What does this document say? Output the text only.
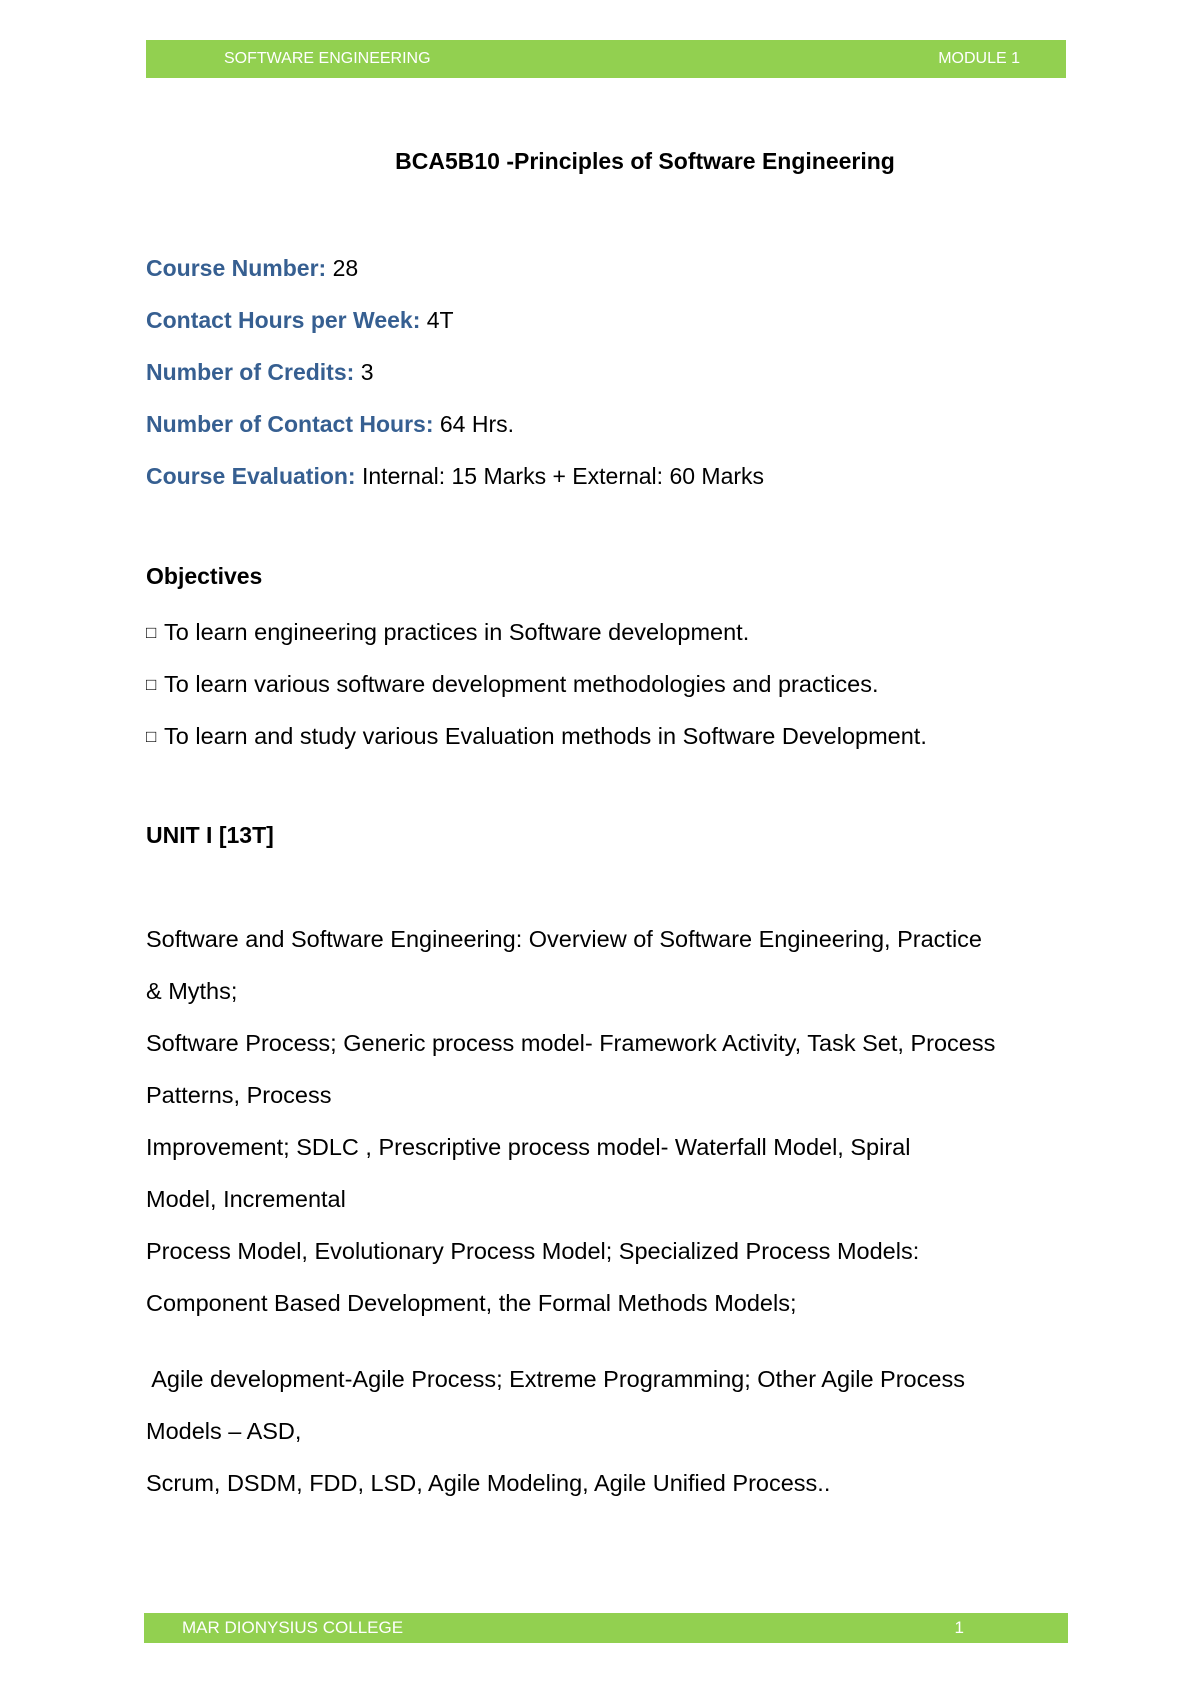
SOFTWARE ENGINEERING	MODULE 1
BCA5B10 -Principles of Software Engineering
Course Number: 28
Contact Hours per Week: 4T
Number of Credits: 3
Number of Contact Hours: 64 Hrs.
Course Evaluation: Internal: 15 Marks + External: 60 Marks
Objectives
□ To learn engineering practices in Software development.
□ To learn various software development methodologies and practices.
□ To learn and study various Evaluation methods in Software Development.
UNIT I [13T]

Software and Software Engineering: Overview of Software Engineering, Practice

& Myths;

Software Process; Generic process model- Framework Activity, Task Set, Process

Patterns, Process

Improvement; SDLC , Prescriptive process model- Waterfall Model, Spiral

Model, Incremental

Process Model, Evolutionary Process Model; Specialized Process Models:

Component Based Development, the Formal Methods Models;

Agile development-Agile Process; Extreme Programming; Other Agile Process

Models – ASD,

Scrum, DSDM, FDD, LSD, Agile Modeling, Agile Unified Process..

MAR DIONYSIUS COLLEGE	1
